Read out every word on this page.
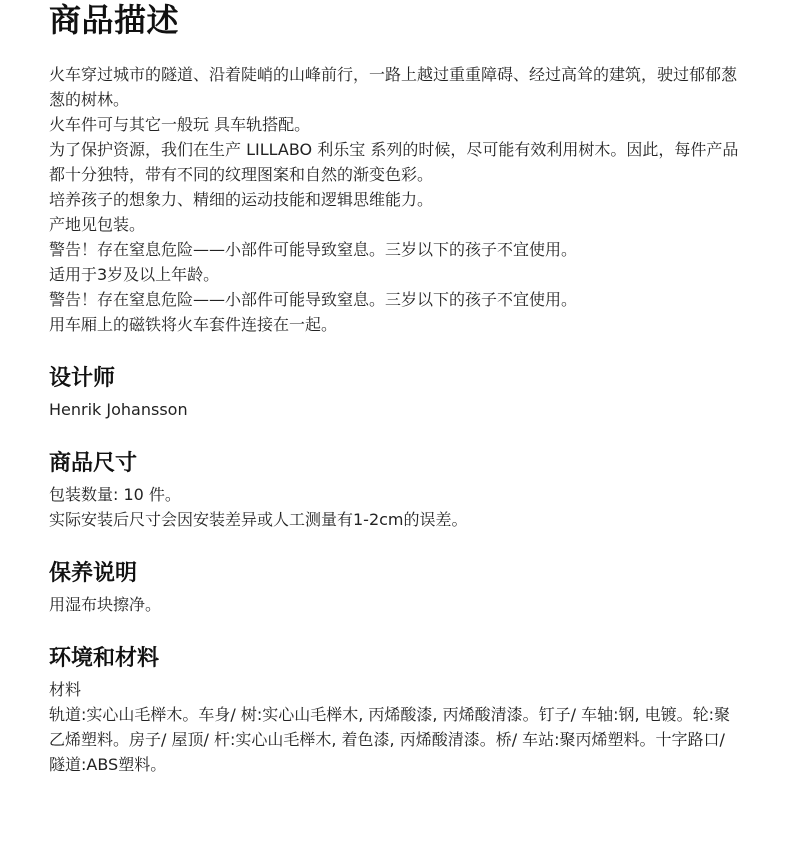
商品描述

火车穿过城市的隧道、沿着陡峭的山峰前行，一路上越过重重障碍、经过高耸的建筑，驶过郁郁葱葱的树林。

火车件可与其它一般玩 具车轨搭配。

为了保护资源，我们在生产 LILLABO 利乐宝 系列的时候，尽可能有效利用树木。因此，每件产品都十分独特，带有不同的纹理图案和自然的渐变色彩。

培养孩子的想象力、精细的运动技能和逻辑思维能力。

产地见包装。

警告！存在窒息危险——小部件可能导致窒息。三岁以下的孩子不宜使用。

适用于3岁及以上年龄。

警告！存在窒息危险——小部件可能导致窒息。三岁以下的孩子不宜使用。

用车厢上的磁铁将火车套件连接在一起。

设计师

Henrik Johansson

商品尺寸

包装数量: 10 件。

实际安装后尺寸会因安装差异或人工测量有1-2cm的误差。

保养说明

用湿布块擦净。

环境和材料

材料

轨道:实心山毛榉木。车身/ 树:实心山毛榉木, 丙烯酸漆, 丙烯酸清漆。钉子/ 车轴:钢, 电镀。轮:聚乙烯塑料。房子/ 屋顶/ 杆:实心山毛榉木, 着色漆, 丙烯酸清漆。桥/ 车站:聚丙烯塑料。十字路口/ 隧道:ABS塑料。
